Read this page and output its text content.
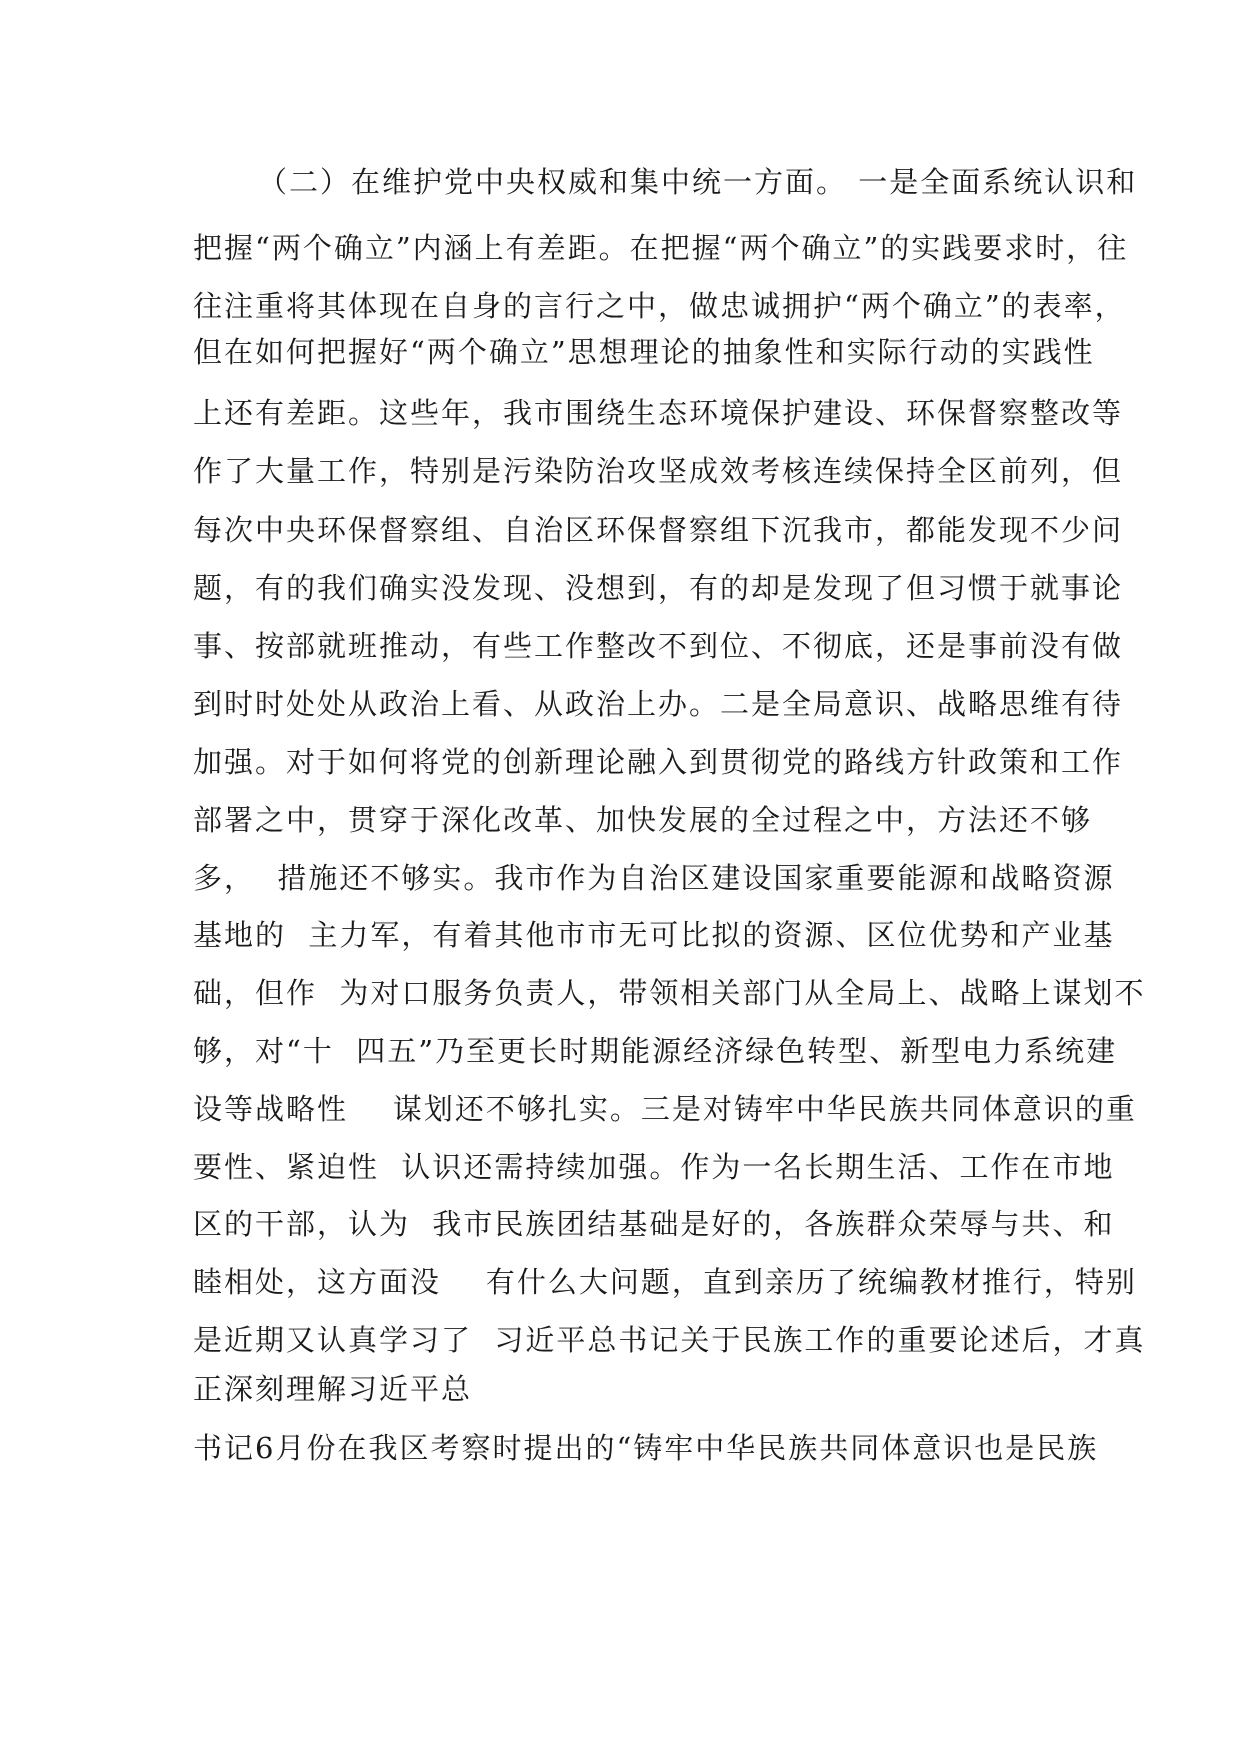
（二）在维护党中央权威和集中统一方面。 一是全面系统认识和
把握“两个确立”内涵上有差距。在把握“两个确立”的实践要求时，往
往注重将其体现在自身的言行之中，做忠诚拥护“两个确立”的表率，
但在如何把握好“两个确立”思想理论的抽象性和实际行动的实践性
上还有差距。这些年，我市围绕生态环境保护建设、环保督察整改等
作了大量工作，特别是污染防治攻坚成效考核连续保持全区前列，但
每次中央环保督察组、自治区环保督察组下沉我市，都能发现不少问
题，有的我们确实没发现、没想到，有的却是发现了但习惯于就事论
事、按部就班推动，有些工作整改不到位、不彻底，还是事前没有做
到时时处处从政治上看、从政治上办。二是全局意识、战略思维有待
加强。对于如何将党的创新理论融入到贯彻党的路线方针政策和工作
部署之中，贯穿于深化改革、加快发展的全过程之中，方法还不够
多，  措施还不够实。我市作为自治区建设国家重要能源和战略资源
基地的  主力军，有着其他市市无可比拟的资源、区位优势和产业基
础，但作  为对口服务负责人，带领相关部门从全局上、战略上谋划不
够，对“十  四五”乃至更长时期能源经济绿色转型、新型电力系统建
设等战略性    谋划还不够扎实。三是对铸牢中华民族共同体意识的重
要性、紧迫性  认识还需持续加强。作为一名长期生活、工作在市地
区的干部，认为  我市民族团结基础是好的，各族群众荣辱与共、和
睦相处，这方面没    有什么大问题，直到亲历了统编教材推行，特别
是近期又认真学习了  习近平总书记关于民族工作的重要论述后，才真
正深刻理解习近平总
书记6月份在我区考察时提出的“铸牢中华民族共同体意识也是民族
